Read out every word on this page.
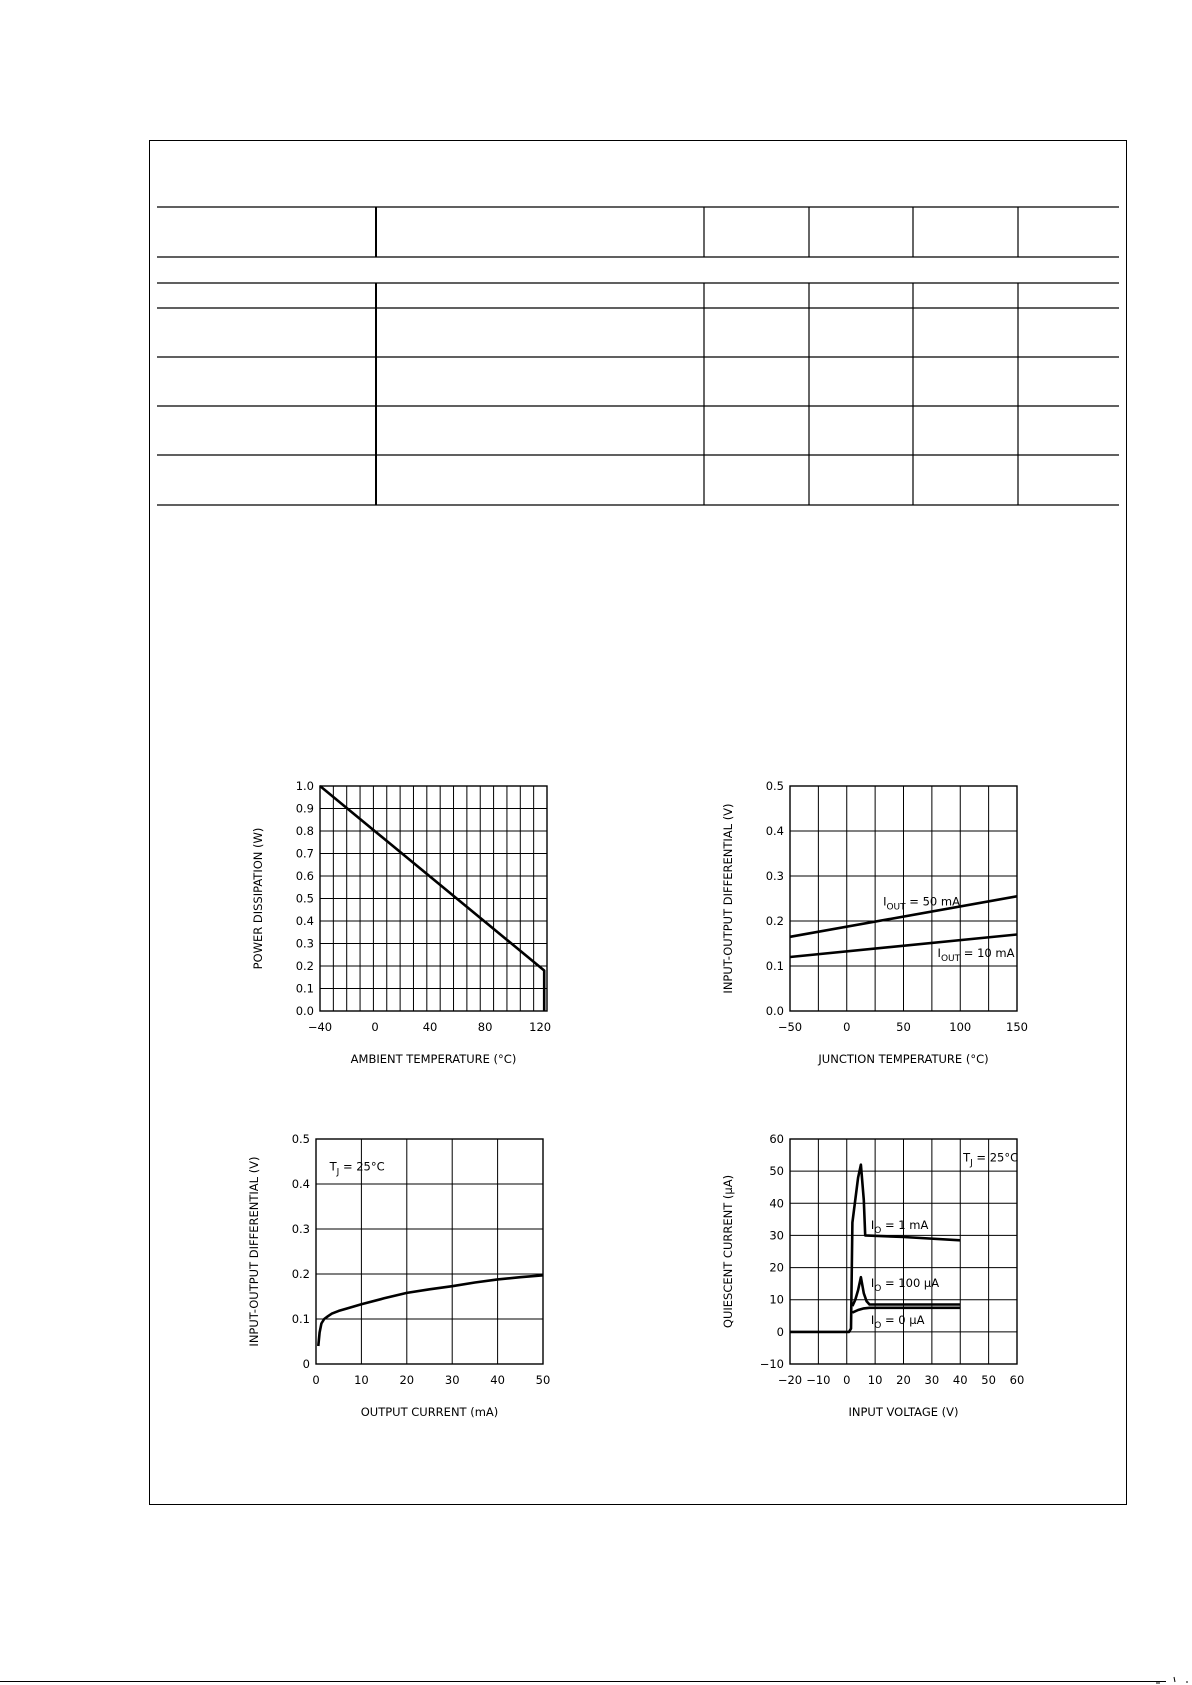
−40	0	40	80	120
0.0
0.1
0.2
0.3
0.4
0.5
0.6
0.7
0.8
0.9
1.0
AMBIENT TEMPERATURE (°C)
POWER DISSIPATION (W)
−50	0	50	100	150
0.0
0.1
0.2
0.3
0.4
0.5
JUNCTION TEMPERATURE (°C)
INPUT-OUTPUT DIFFERENTIAL (V)	$I_{OUT} = 50$ mA
$I_{OUT} = 10$ mA
0	10	20	30	40	50
0
0.1
0.2
0.3
0.4
0.5
OUTPUT CURRENT (mA)
INPUT-OUTPUT DIFFERENTIAL (V)	$T_J = 25^\circ C$
−20 −10 0 10 20 30 40 50 60
−10
0
10
20
30
40
50
60
INPUT VOLTAGE (V)
QUIESCENT CURRENT (μA)
$T_J = 25^\circ C$
$I_O = 1$ mA
$I_O = 100$ μA
$I_O = 0$ μA
